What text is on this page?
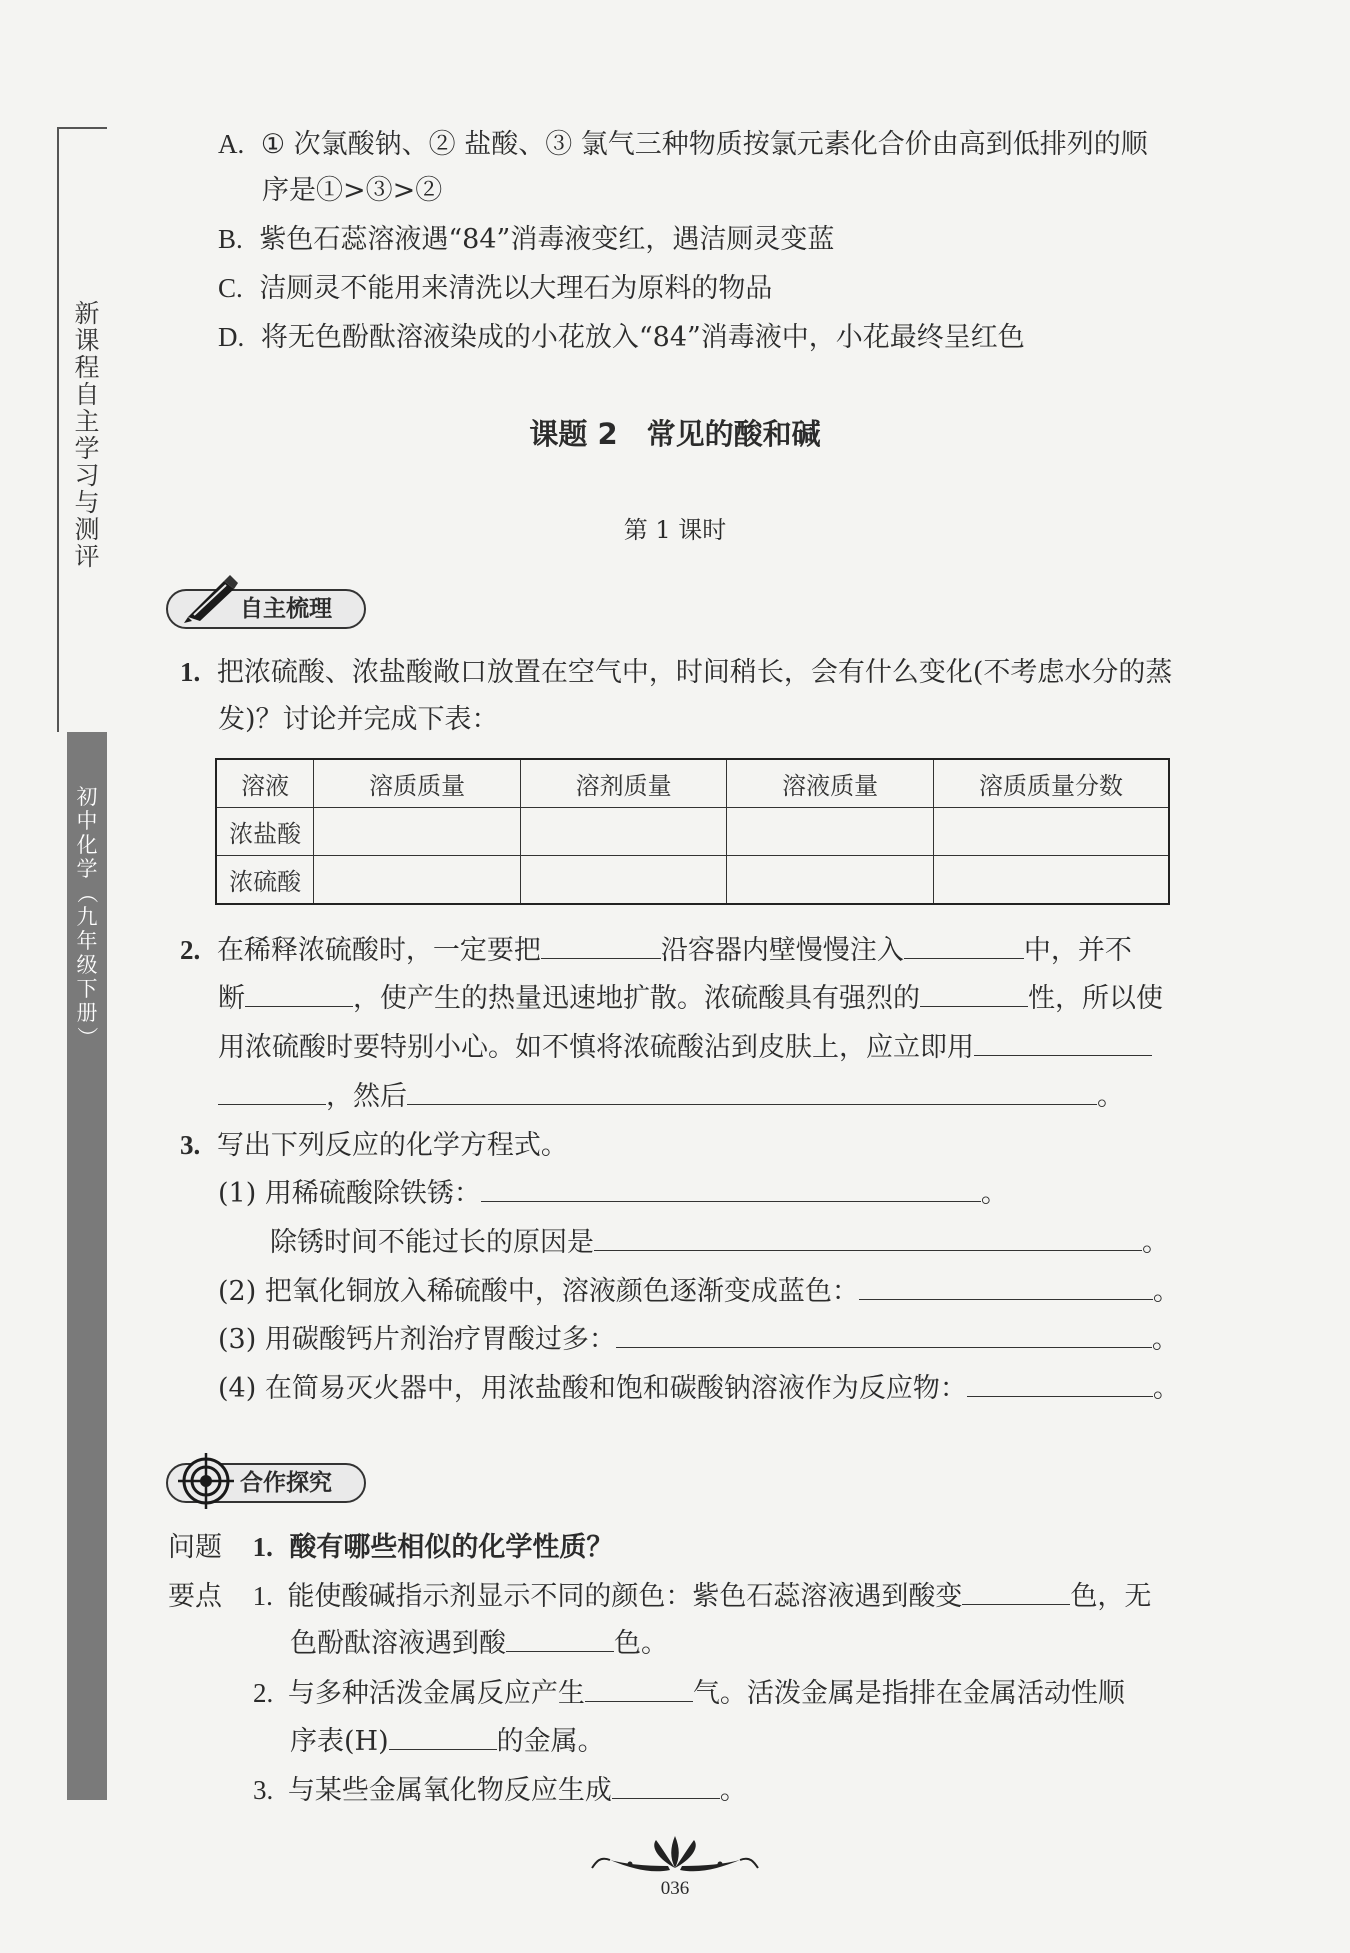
新课程自主学习与测评
初中化学
（
九年级下册
）
A. ① 次氯酸钠、② 盐酸、③ 氯气三种物质按氯元素化合价由高到低排列的顺
序是①>③>②
B. 紫色石蕊溶液遇“84”消毒液变红，遇洁厕灵变蓝
C. 洁厕灵不能用来清洗以大理石为原料的物品
D. 将无色酚酞溶液染成的小花放入“84”消毒液中，小花最终呈红色
课题 2　常见的酸和碱
第 1 课时
自主梳理
1. 把浓硫酸、浓盐酸敞口放置在空气中，时间稍长，会有什么变化(不考虑水分的蒸
发)？讨论并完成下表：
溶液	溶质质量	溶剂质量	溶液质量	溶质质量分数
浓盐酸				
浓硫酸				
2. 在稀释浓硫酸时，一定要把	沿容器内壁慢慢注入	中，并不
断	，使产生的热量迅速地扩散。浓硫酸具有强烈的	性，所以使
用浓硫酸时要特别小心。如不慎将浓硫酸沾到皮肤上，应立即用
，然后	。
3. 写出下列反应的化学方程式。
(1) 用稀硫酸除铁锈：	。
除锈时间不能过长的原因是	。
(2) 把氧化铜放入稀硫酸中，溶液颜色逐渐变成蓝色：	。
(3) 用碳酸钙片剂治疗胃酸过多：	。
(4) 在简易灭火器中，用浓盐酸和饱和碳酸钠溶液作为反应物：	。
合作探究
问题 1. 酸有哪些相似的化学性质？
要点 1. 能使酸碱指示剂显示不同的颜色：紫色石蕊溶液遇到酸变	色，无
色酚酞溶液遇到酸	色。
2. 与多种活泼金属反应产生	气。活泼金属是指排在金属活动性顺
序表(H)	的金属。
3. 与某些金属氧化物反应生成	。
036
